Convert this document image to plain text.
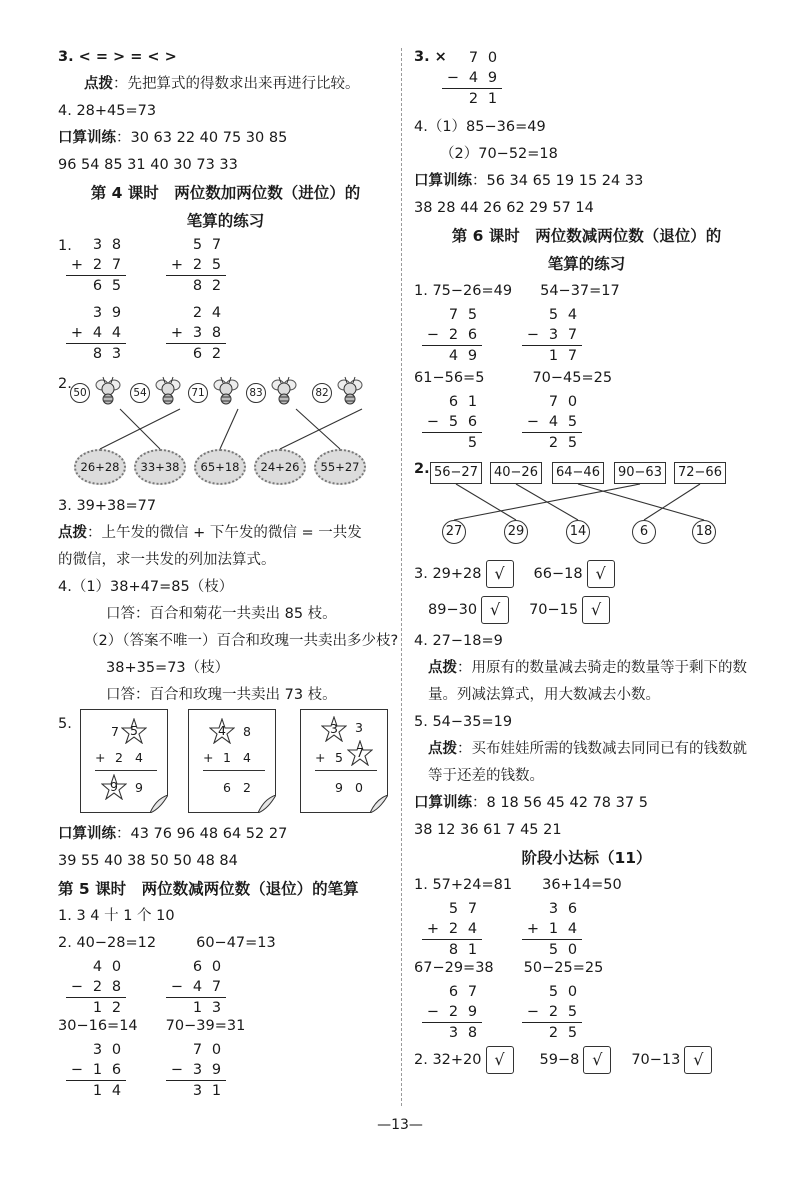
3. < = > = < >
点拨：先把算式的得数求出来再进行比较。
4. 28+45=73
口算训练：30 63 22 40 75 30 85
96 54 85 31 40 30 73 33
第 4 课时　两位数加两位数（进位）的
笔算的练习
1.
		3	8
+	2	7
	6	5
	5	7
+	2	5
	8	2
	3	9
+	4	4
	8	3
	2	4
+	3	8
	6	2
2.
50	54	71	83	82
26+28	33+38	65+18	24+26	55+27
3. 39+38=77
点拨：上午发的微信 + 下午发的微信 = 一共发
的微信，求一共发的列加法算式。
4.（1）38+47=85（枝）
口答：百合和菊花一共卖出 85 枝。
（2）（答案不唯一）百合和玫瑰一共卖出多少枝?
38+35=73（枝）
口答：百合和玫瑰一共卖出 73 枝。
5.	7 5
+ 2 4
9 9
4 8
+ 1 4
6 2
3 3
+ 5 7
9 0
口算训练：43 76 96 48 64 52 27
39 55 40 38 50 50 48 84
第 5 课时　两位数减两位数（退位）的笔算
1. 3 4 十 1 个 10
2. 40−28=12	60−47=13
	4	0
−	2	8
	1	2
	6	0
−	4	7
	1	3
30−16=14 70−39=31
	3	0
−	1	6
	1	4
	7	0
−	3	9
	3	1
3. ×
	7	0
−	4	9
	2	1
4.（1）85−36=49
（2）70−52=18
口算训练：56 34 65 19 15 24 33
38 28 44 26 62 29 57 14
第 6 课时　两位数减两位数（退位）的
笔算的练习
1. 75−26=49 54−37=17
	7	5
−	2	6
	4	9
	5	4
−	3	7
	1	7
61−56=5	70−45=25
	6	1
−	5	6
		5
	7	0
−	4	5
	2	5
2. 56−27	40−26	64−46	90−63	72−66
27	29	14	6	18
3. 29+28 √ 66−18 √
89−30 √ 70−15 √
4. 27−18=9
点拨：用原有的数量减去骑走的数量等于剩下的数量。列减法算式，用大数减去小数。
5. 54−35=19
点拨：买布娃娃所需的钱数减去同同已有的钱数就等于还差的钱数。
口算训练：8 18 56 45 42 78 37 5
38 12 36 61 7 45 21
阶段小达标（11）
1. 57+24=81 36+14=50
	5	7
+	2	4
	8	1
	3	6
+	1	4
	5	0
67−29=38 50−25=25
	6	7
−	2	9
	3	8
	5	0
−	2	5
	2	5
2. 32+20 √ 59−8 √ 70−13 √
—13—
